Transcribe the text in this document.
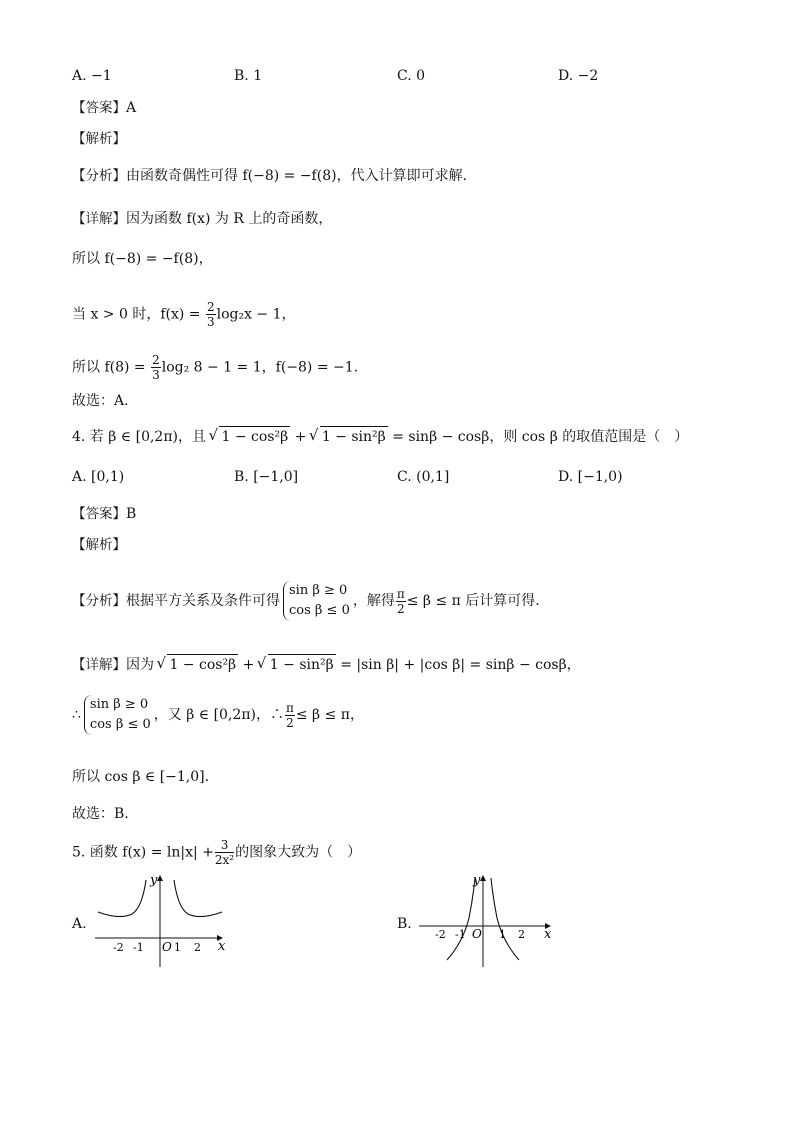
A. −1	B. 1	C. 0	D. −2
【答案】A
【解析】
【分析】由函数奇偶性可得 f(−8) = −f(8)，代入计算即可求解.
【详解】因为函数 f(x) 为 R 上的奇函数，
所以 f(−8) = −f(8)，
当 x > 0 时，$f(x) = \frac{2}{3} \log_2x - 1$，
所以 $f(8) = \frac{2}{3} \log_2$ 8 − 1 = 1，f(−8) = −1.
故选：A.
4. 若 β ∈ [0,2π)，且 √ 1 − cos²β + √ 1 − sin²β = sinβ − cosβ，则 cos β 的取值范围是（　）
A. [0,1)	B. [−1,0]	C. (0,1]	D. [−1,0)
【答案】B
【解析】
【分析】根据平方关系及条件可得
sin β ≥ 0
cos β ≤ 0
，解得 $\frac{\pi}{2} \le \beta \le \pi$ 后计算可得.
【详解】因为 √ 1 − cos²β + √ 1 − sin²β = |sin β| + |cos β| = sinβ − cosβ，
∴
sin β ≥ 0
cos β ≤ 0
，又 β ∈ [0,2π)，∴ $\frac{\pi}{2} \le \beta \le \pi$，
所以 cos β ∈ [−1,0].
故选：B.
5. 函数 $f(x) = \ln|x| + \frac{3}{\text{2x²}}$ 的图象大致为（　）
A.	B.
y
x
O
-2 -1	1 2
y
x
O
-2 -1	1 2
